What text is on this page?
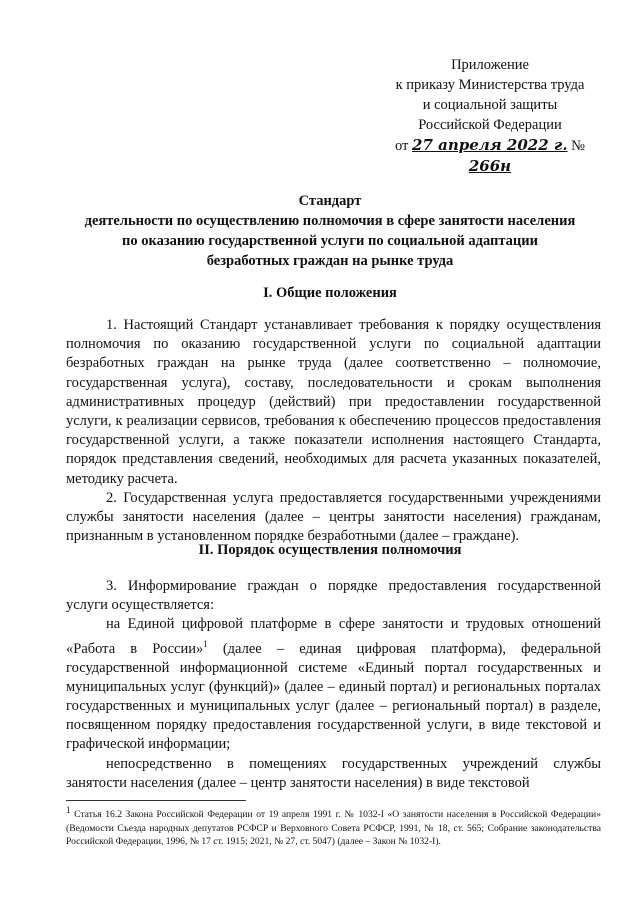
Приложение
к приказу Министерства труда
и социальной защиты
Российской Федерации
от 27 апреля 2022 г. № 266н
Стандарт
деятельности по осуществлению полномочия в сфере занятости населения
по оказанию государственной услуги по социальной адаптации
безработных граждан на рынке труда
I. Общие положения

1. Настоящий Стандарт устанавливает требования к порядку осуществления полномочия по оказанию государственной услуги по социальной адаптации безработных граждан на рынке труда (далее соответственно – полномочие, государственная услуга), составу, последовательности и срокам выполнения административных процедур (действий) при предоставлении государственной услуги, к реализации сервисов, требования к обеспечению процессов предоставления государственной услуги, а также показатели исполнения настоящего Стандарта, порядок представления сведений, необходимых для расчета указанных показателей, методику расчета.

2. Государственная услуга предоставляется государственными учреждениями службы занятости населения (далее – центры занятости населения) гражданам, признанным в установленном порядке безработными (далее – граждане).

II. Порядок осуществления полномочия

3. Информирование граждан о порядке предоставления государственной услуги осуществляется:

на Единой цифровой платформе в сфере занятости и трудовых отношений «Работа в России»$^1$ (далее – единая цифровая платформа), федеральной государственной информационной системе «Единый портал государственных и муниципальных услуг (функций)» (далее – единый портал) и региональных порталах государственных и муниципальных услуг (далее – региональный портал) в разделе, посвященном порядку предоставления государственной услуги, в виде текстовой и графической информации;

непосредственно в помещениях государственных учреждений службы занятости населения (далее – центр занятости населения) в виде текстовой

$^1$ Статья 16.2 Закона Российской Федерации от 19 апреля 1991 г. № 1032-I «О занятости населения в Российской Федерации» (Ведомости Съезда народных депутатов РСФСР и Верховного Совета РСФСР, 1991, № 18, ст. 565; Собрание законодательства Российской Федерации, 1996, № 17 ст. 1915; 2021, № 27, ст. 5047) (далее – Закон № 1032-I).
